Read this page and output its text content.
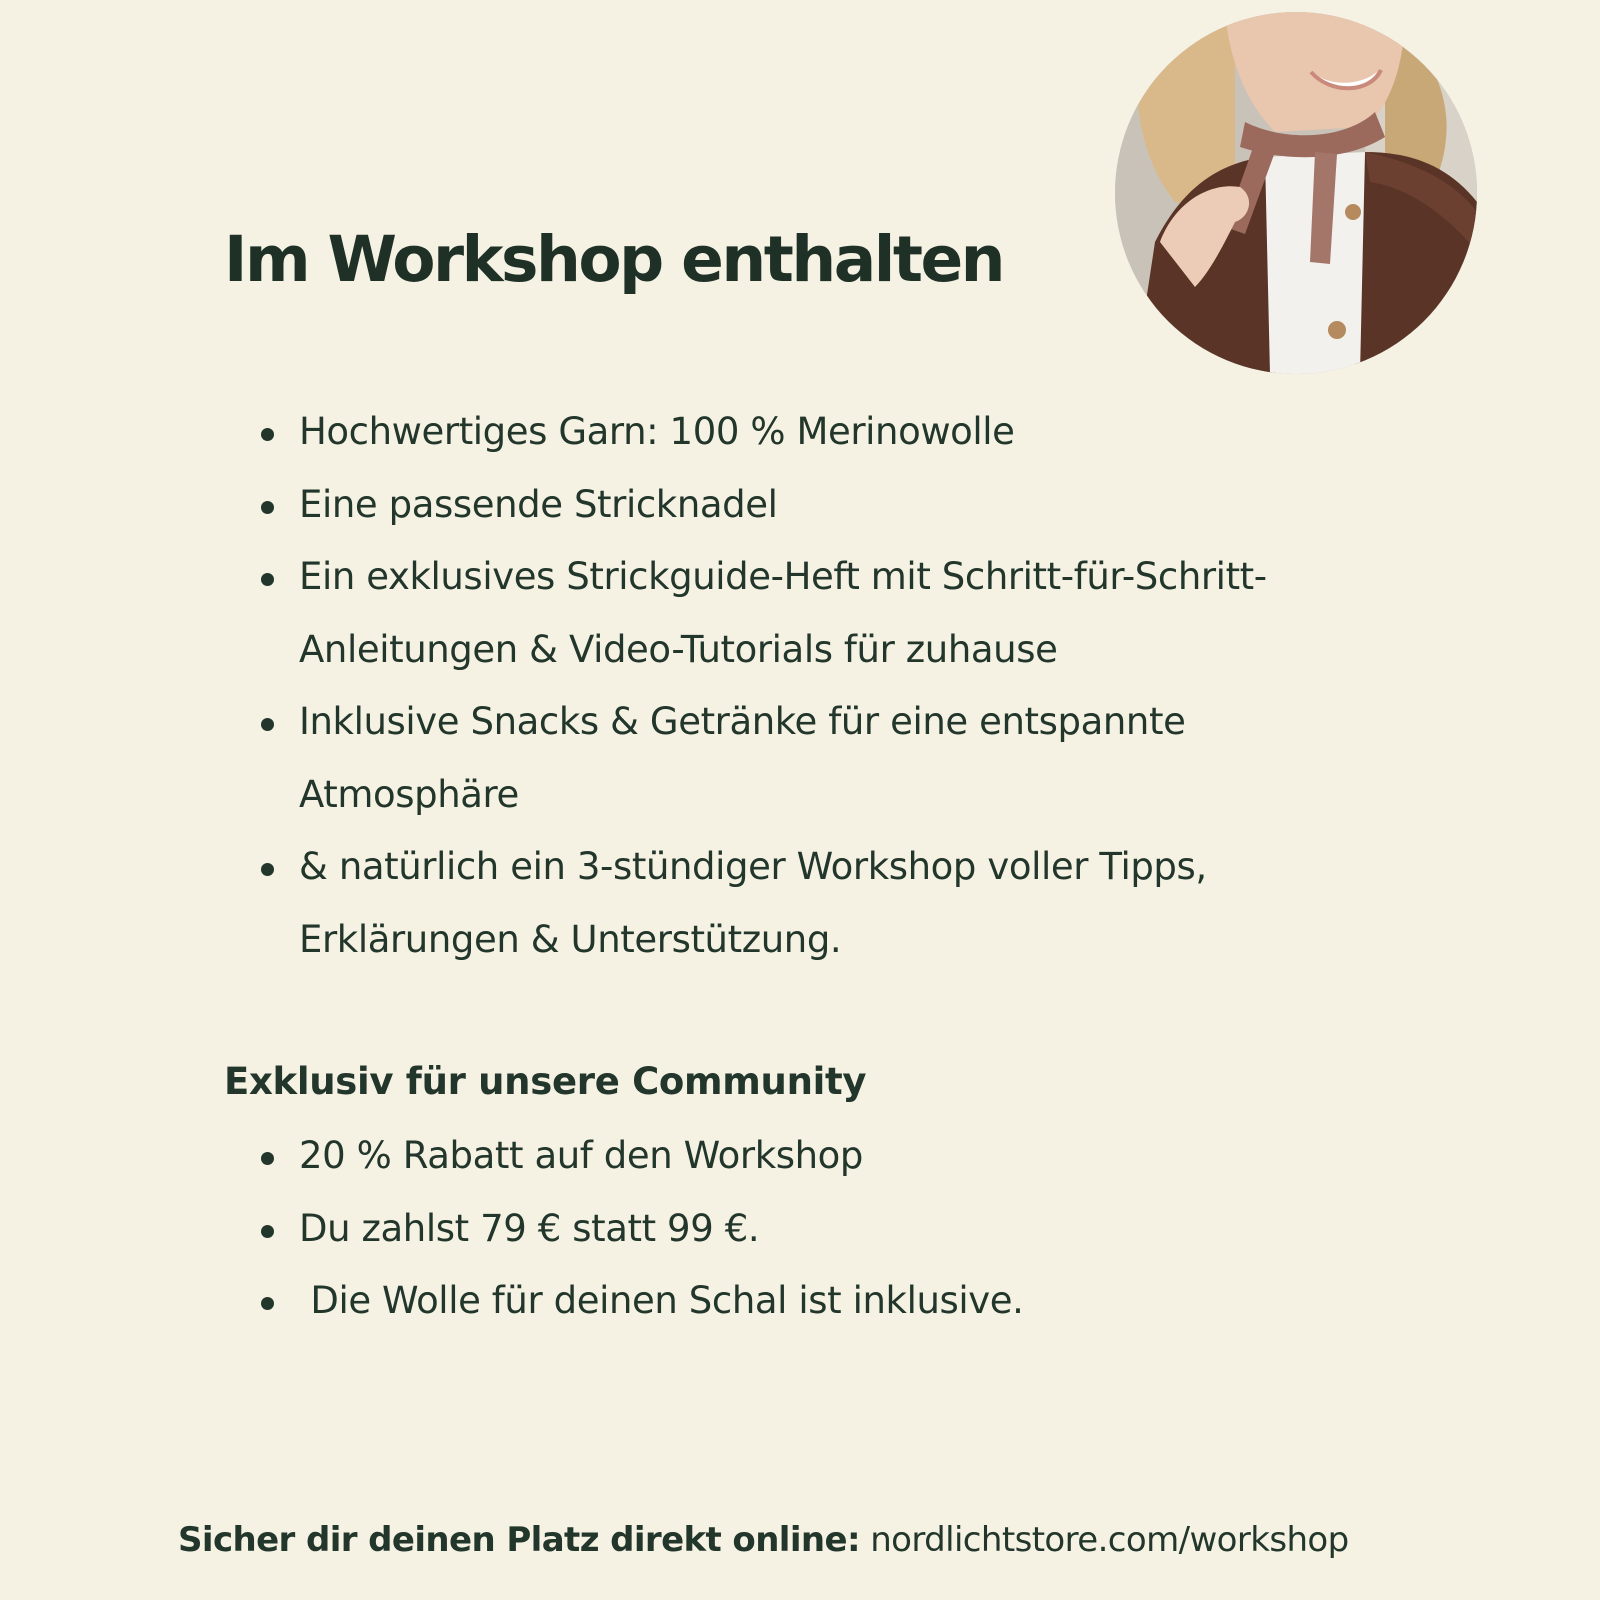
Im Workshop enthalten
Hochwertiges Garn: 100 % Merinowolle
Eine passende Stricknadel
Ein exklusives Strickguide-Heft mit Schritt-für-Schritt-Anleitungen & Video-Tutorials für zuhause
Inklusive Snacks & Getränke für eine entspannte Atmosphäre
& natürlich ein 3-stündiger Workshop voller Tipps, Erklärungen & Unterstützung.
Exklusiv für unsere Community
20 % Rabatt auf den Workshop
Du zahlst 79 € statt 99 €.
Die Wolle für deinen Schal ist inklusive.
Sicher dir deinen Platz direkt online: nordlichtstore.com/workshop
